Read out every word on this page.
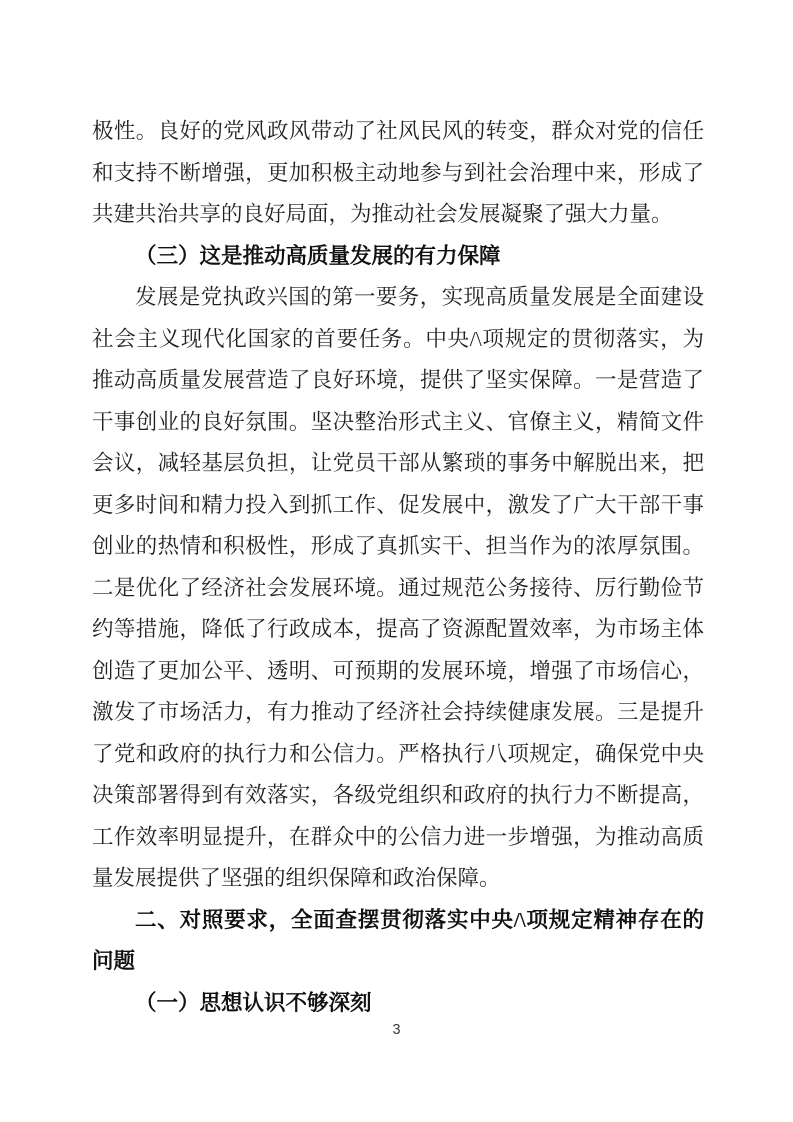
极性。良好的党风政风带动了社风民风的转变，群众对党的信任
和支持不断增强，更加积极主动地参与到社会治理中来，形成了
共建共治共享的良好局面，为推动社会发展凝聚了强大力量。
（三）这是推动高质量发展的有力保障
发展是党执政兴国的第一要务，实现高质量发展是全面建设
社会主义现代化国家的首要任务。中央/\项规定的贯彻落实，为
推动高质量发展营造了良好环境，提供了坚实保障。一是营造了
干事创业的良好氛围。坚决整治形式主义、官僚主义，精简文件
会议，减轻基层负担，让党员干部从繁琐的事务中解脱出来，把
更多时间和精力投入到抓工作、促发展中，激发了广大干部干事
创业的热情和积极性，形成了真抓实干、担当作为的浓厚氛围。
二是优化了经济社会发展环境。通过规范公务接待、厉行勤俭节
约等措施，降低了行政成本，提高了资源配置效率，为市场主体
创造了更加公平、透明、可预期的发展环境，增强了市场信心，
激发了市场活力，有力推动了经济社会持续健康发展。三是提升
了党和政府的执行力和公信力。严格执行八项规定，确保党中央
决策部署得到有效落实，各级党组织和政府的执行力不断提高，
工作效率明显提升，在群众中的公信力进一步增强，为推动高质
量发展提供了坚强的组织保障和政治保障。
二、对照要求，全面查摆贯彻落实中央/\项规定精神存在的
问题
（一）思想认识不够深刻
3
